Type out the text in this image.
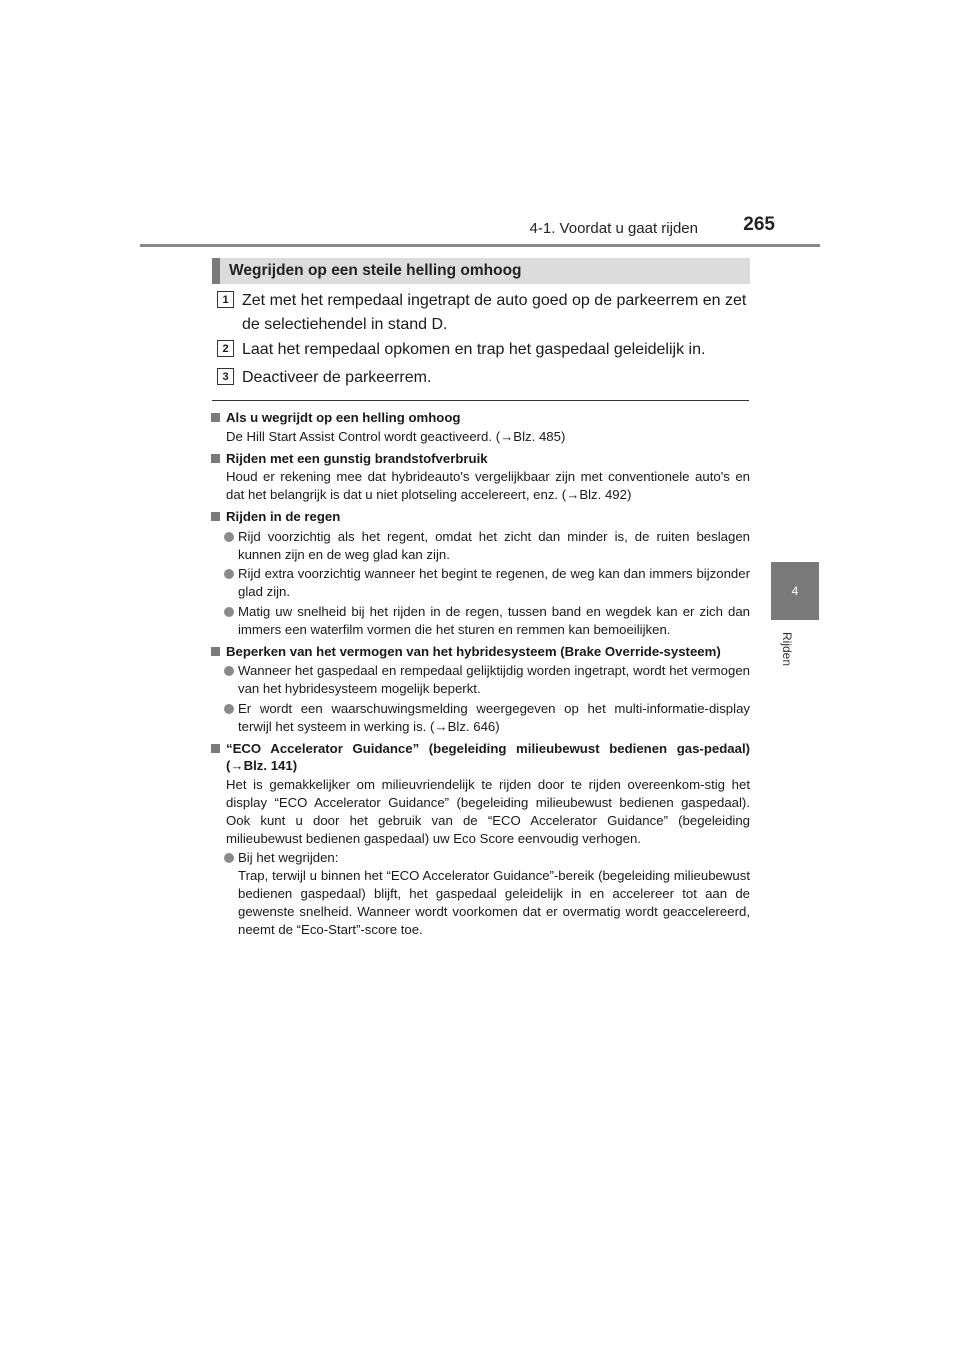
4-1. Voordat u gaat rijden 265
4
Rijden
Wegrijden op een steile helling omhoog
1 Zet met het rempedaal ingetrapt de auto goed op de parkeerrem en zet de selectiehendel in stand D.
2 Laat het rempedaal opkomen en trap het gaspedaal geleidelijk in.
3 Deactiveer de parkeerrem.
Als u wegrijdt op een helling omhoog
De Hill Start Assist Control wordt geactiveerd. (→Blz. 485)
Rijden met een gunstig brandstofverbruik
Houd er rekening mee dat hybrideauto's vergelijkbaar zijn met conventionele auto's en dat het belangrijk is dat u niet plotseling accelereert, enz. (→Blz. 492)
Rijden in de regen
Rijd voorzichtig als het regent, omdat het zicht dan minder is, de ruiten beslagen kunnen zijn en de weg glad kan zijn.
Rijd extra voorzichtig wanneer het begint te regenen, de weg kan dan immers bijzonder glad zijn.
Matig uw snelheid bij het rijden in de regen, tussen band en wegdek kan er zich dan immers een waterfilm vormen die het sturen en remmen kan bemoeilijken.
Beperken van het vermogen van het hybridesysteem (Brake Override-systeem)
Wanneer het gaspedaal en rempedaal gelijktijdig worden ingetrapt, wordt het vermogen van het hybridesysteem mogelijk beperkt.
Er wordt een waarschuwingsmelding weergegeven op het multi-informatie-display terwijl het systeem in werking is. (→Blz. 646)
“ECO Accelerator Guidance” (begeleiding milieubewust bedienen gas-pedaal) (→Blz. 141)
Het is gemakkelijker om milieuvriendelijk te rijden door te rijden overeenkom-stig het display “ECO Accelerator Guidance” (begeleiding milieubewust bedienen gaspedaal). Ook kunt u door het gebruik van de “ECO Accelerator Guidance” (begeleiding milieubewust bedienen gaspedaal) uw Eco Score eenvoudig verhogen.
Bij het wegrijden:
Trap, terwijl u binnen het “ECO Accelerator Guidance”-bereik (begeleiding milieubewust bedienen gaspedaal) blijft, het gaspedaal geleidelijk in en accelereer tot aan de gewenste snelheid. Wanneer wordt voorkomen dat er overmatig wordt geaccelereerd, neemt de “Eco-Start”-score toe.
